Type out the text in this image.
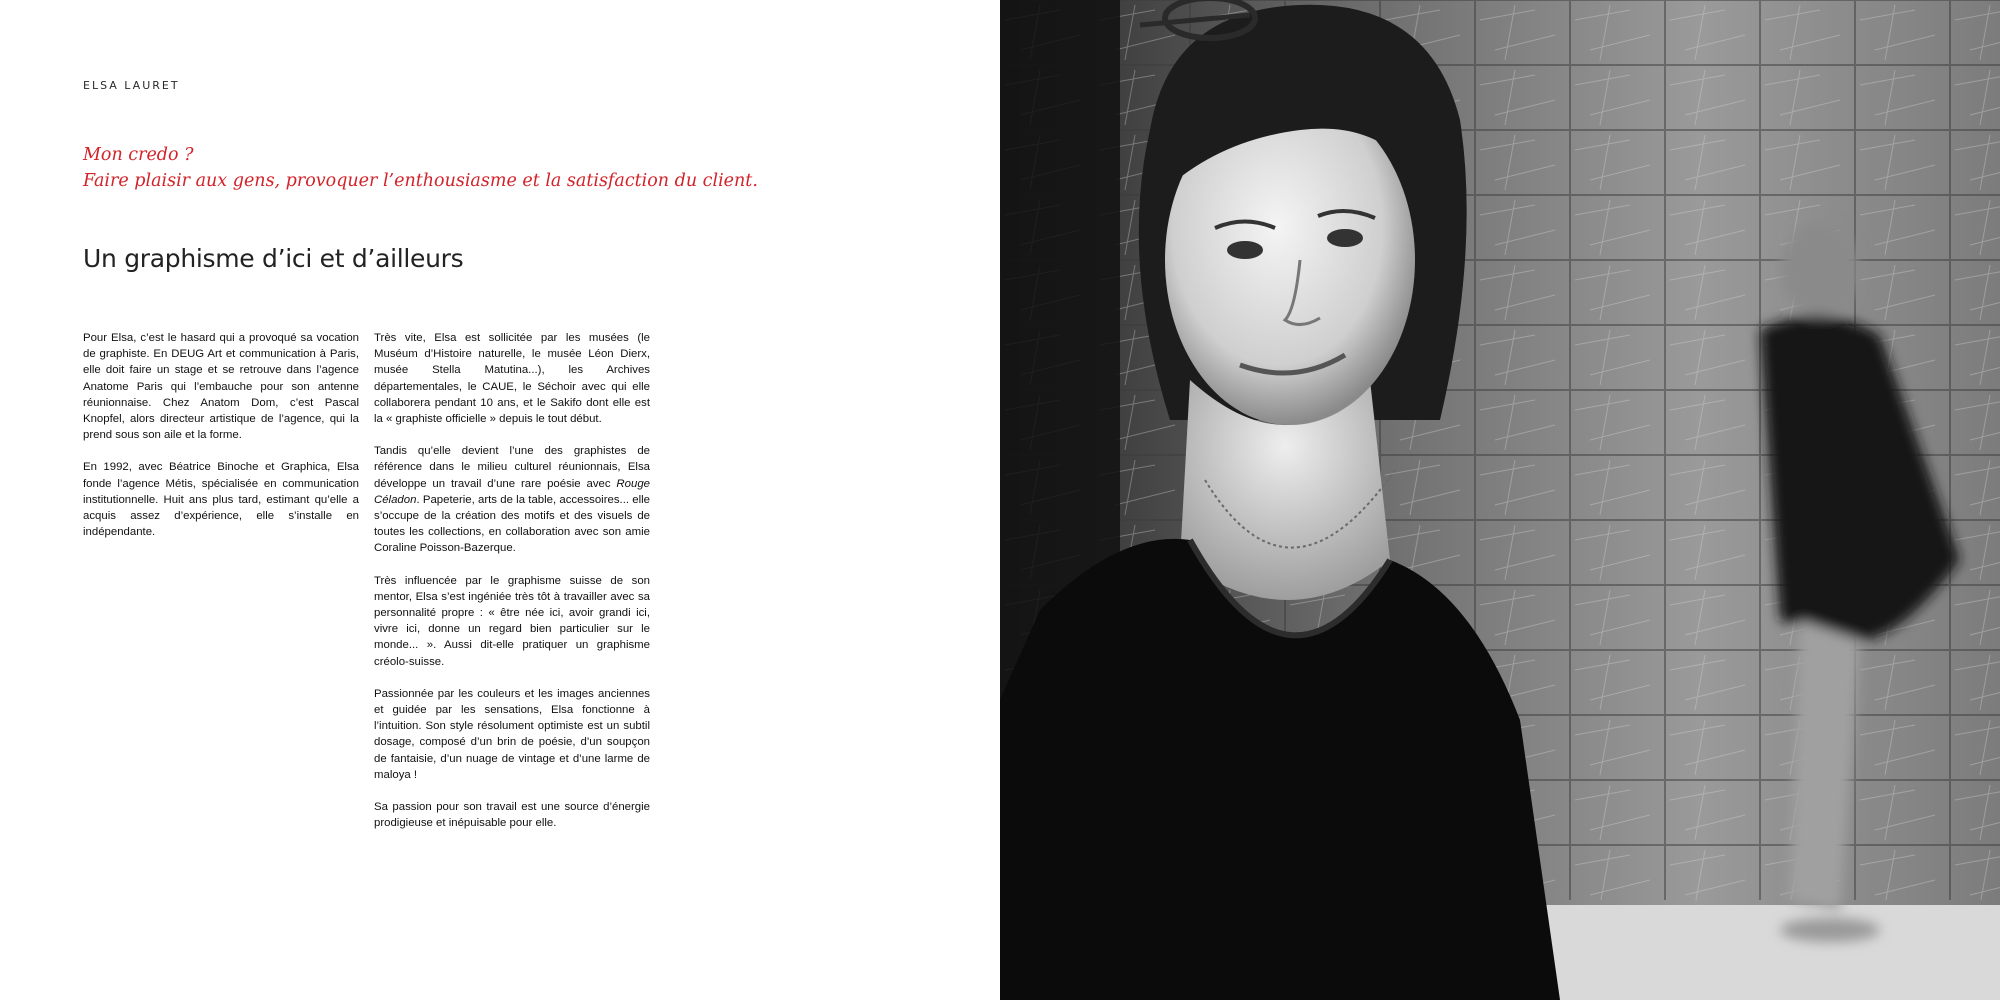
ELSA LAURET

Mon credo ?

Faire plaisir aux gens, provoquer l’enthousiasme et la satisfaction du client.

Un graphisme d’ici et d’ailleurs

Pour Elsa, c’est le hasard qui a provoqué sa vocation de graphiste. En DEUG Art et communication à Paris, elle doit faire un stage et se retrouve dans l’agence Anatome Paris qui l’embauche pour son antenne réunionnaise. Chez Anatom Dom, c’est Pascal Knopfel, alors directeur artistique de l’agence, qui la prend sous son aile et la forme.

En 1992, avec Béatrice Binoche et Graphica, Elsa fonde l’agence Métis, spécialisée en communication institutionnelle. Huit ans plus tard, estimant qu’elle a acquis assez d’expérience, elle s’installe en indépendante.

Très vite, Elsa est sollicitée par les musées (le Muséum d’Histoire naturelle, le musée Léon Dierx, musée Stella Matutina...), les Archives départementales, le CAUE, le Séchoir avec qui elle collaborera pendant 10 ans, et le Sakifo dont elle est la « graphiste officielle » depuis le tout début.

Tandis qu’elle devient l’une des graphistes de référence dans le milieu culturel réunionnais, Elsa développe un travail d’une rare poésie avec Rouge Céladon. Papeterie, arts de la table, accessoires... elle s’occupe de la création des motifs et des visuels de toutes les collections, en collaboration avec son amie Coraline Poisson-Bazerque.

Très influencée par le graphisme suisse de son mentor, Elsa s’est ingéniée très tôt à travailler avec sa personnalité propre : « être née ici, avoir grandi ici, vivre ici, donne un regard bien particulier sur le monde... ». Aussi dit-elle pratiquer un graphisme créolo-suisse.

Passionnée par les couleurs et les images anciennes et guidée par les sensations, Elsa fonctionne à l’intuition. Son style résolument optimiste est un subtil dosage, composé d’un brin de poésie, d’un soupçon de fantaisie, d’un nuage de vintage et d’une larme de maloya !

Sa passion pour son travail est une source d’énergie prodigieuse et inépuisable pour elle.
